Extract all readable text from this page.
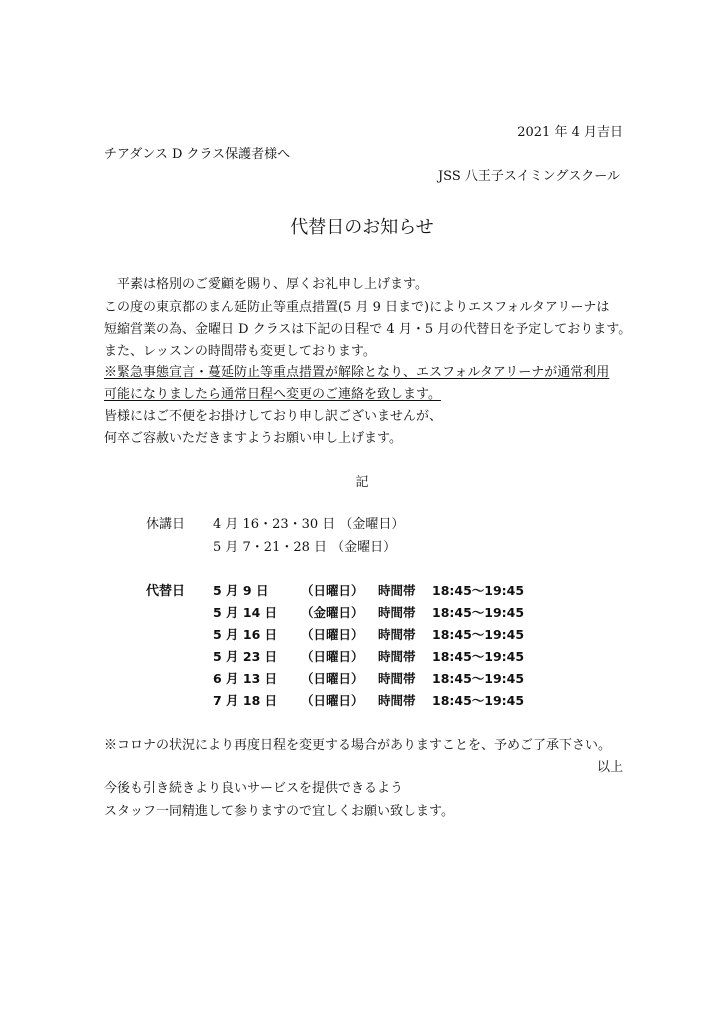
2021 年 4 月吉日
チアダンス D クラス保護者様へ
JSS 八王子スイミングスクール
代替日のお知らせ
　平素は格別のご愛顧を賜り、厚くお礼申し上げます。
この度の東京都のまん延防止等重点措置(5 月 9 日まで)によりエスフォルタアリーナは
短縮営業の為、金曜日 D クラスは下記の日程で 4 月・5 月の代替日を予定しております。
また、レッスンの時間帯も変更しております。
※緊急事態宣言・蔓延防止等重点措置が解除となり、エスフォルタアリーナが通常利用
可能になりましたら通常日程へ変更のご連絡を致します。
皆様にはご不便をお掛けしており申し訳ございませんが、
何卒ご容赦いただきますようお願い申し上げます。
記
休講日 4 月 16・23・30 日 （金曜日）
5 月 7・21・28 日 （金曜日）
代替日 5 月 9 日	（日曜日） 時間帯 18:45～19:45
5 月 14 日 （金曜日） 時間帯 18:45～19:45
5 月 16 日 （日曜日） 時間帯 18:45～19:45
5 月 23 日 （日曜日） 時間帯 18:45～19:45
6 月 13 日 （日曜日） 時間帯 18:45～19:45
7 月 18 日 （日曜日） 時間帯 18:45～19:45
※コロナの状況により再度日程を変更する場合がありますことを、予めご了承下さい。
以上
今後も引き続きより良いサービスを提供できるよう
スタッフ一同精進して参りますので宜しくお願い致します。
